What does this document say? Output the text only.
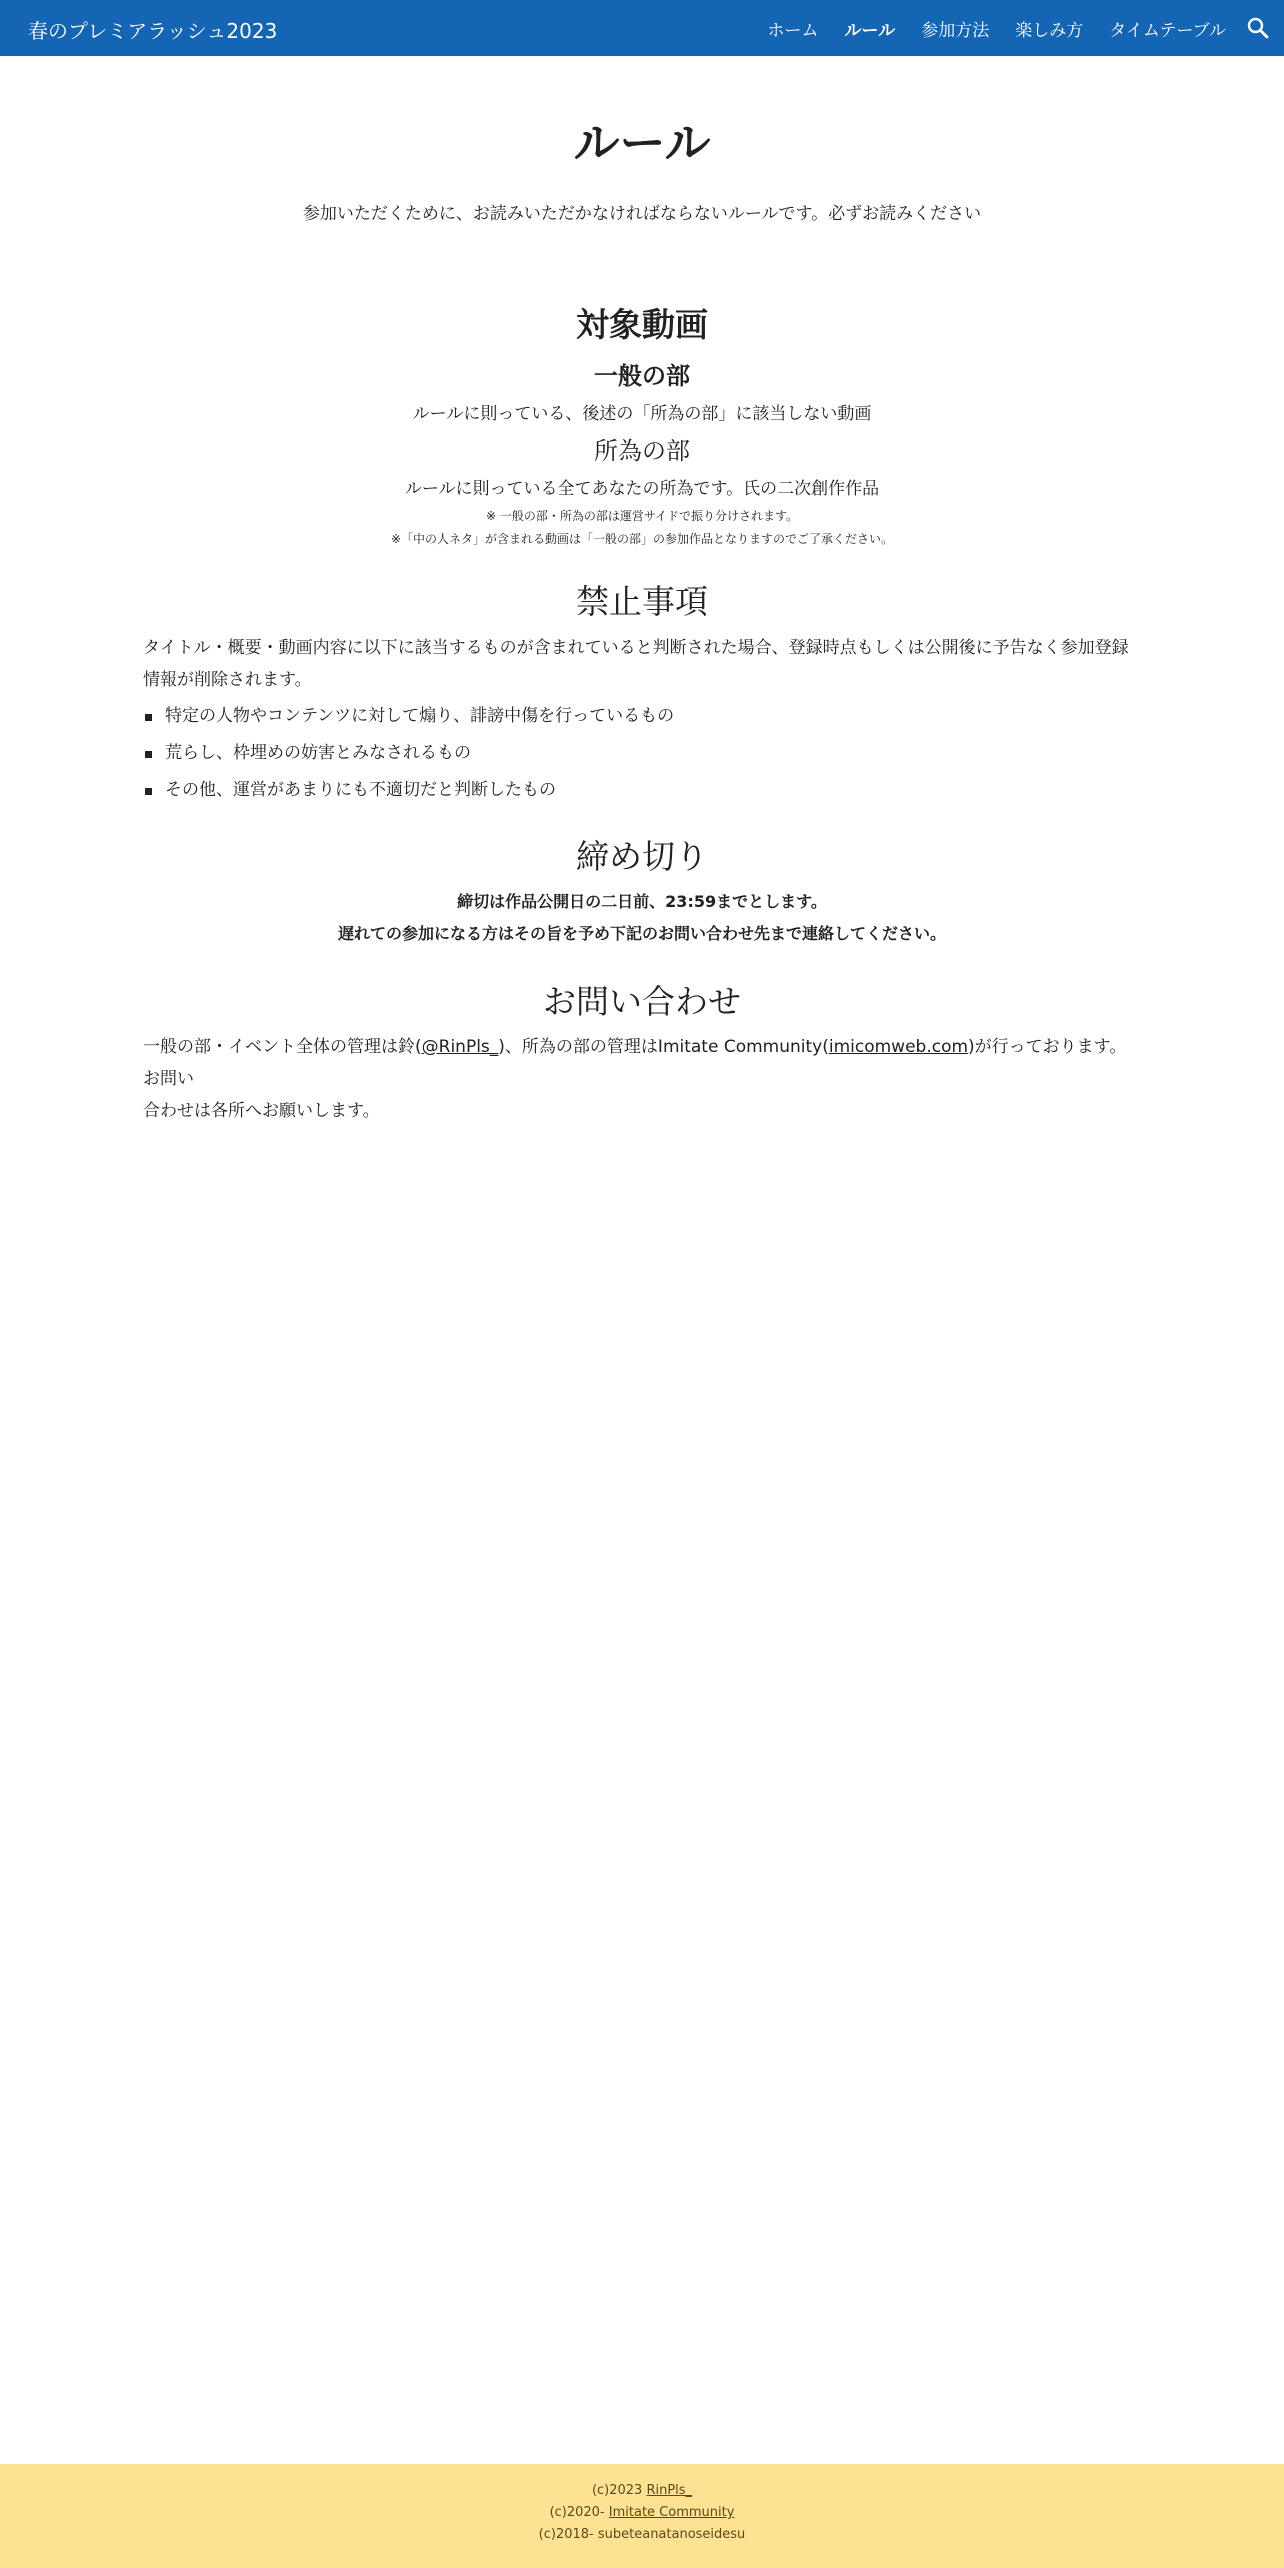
春のプレミアラッシュ2023	ホーム ルール 参加方法 楽しみ方 タイムテーブル
ルール
参加いただくために、お読みいただかなければならないルールです。必ずお読みください
対象動画
一般の部
ルールに則っている、後述の「所為の部」に該当しない動画
所為の部
ルールに則っている全てあなたの所為です。氏の二次創作作品
※ 一般の部・所為の部は運営サイドで振り分けされます。
※「中の人ネタ」が含まれる動画は「一般の部」の参加作品となりますのでご了承ください。
禁止事項
タイトル・概要・動画内容に以下に該当するものが含まれていると判断された場合、登録時点もしくは公開後に予告なく参加登録
情報が削除されます。
特定の人物やコンテンツに対して煽り、誹謗中傷を行っているもの
荒らし、枠埋めの妨害とみなされるもの
その他、運営があまりにも不適切だと判断したもの
締め切り
締切は作品公開日の二日前、23:59までとします。
遅れての参加になる方はその旨を予め下記のお問い合わせ先まで連絡してください。
お問い合わせ
一般の部・イベント全体の管理は鈴(@RinPls_)、所為の部の管理はImitate Community(imicomweb.com)が行っております。お問い
合わせは各所へお願いします。
(c)2023 RinPls_
(c)2020- Imitate Community
(c)2018- subeteanatanoseidesu
